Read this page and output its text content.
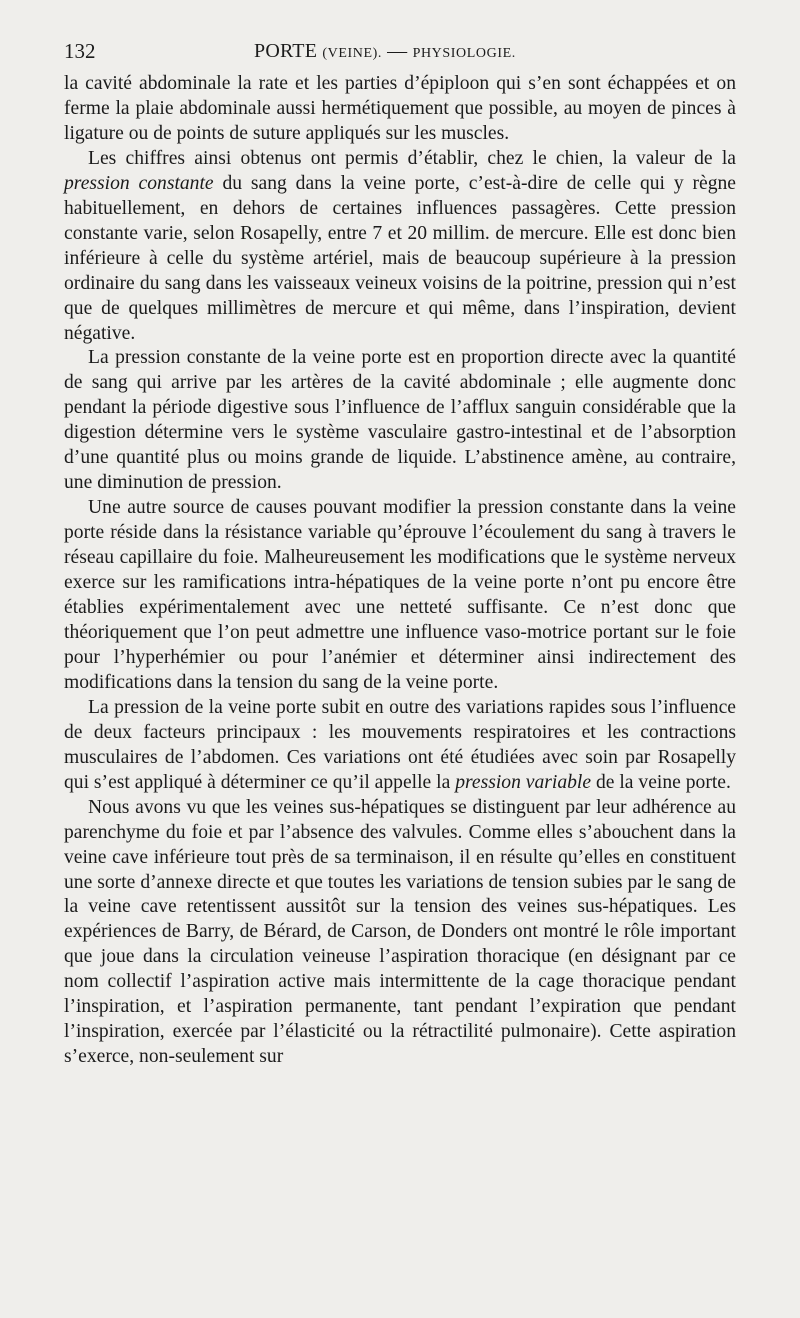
132	PORTE (VEINE). — PHYSIOLOGIE.

la cavité abdominale la rate et les parties d’épiploon qui s’en sont échappées et on ferme la plaie abdominale aussi hermétiquement que possible, au moyen de pinces à ligature ou de points de suture appliqués sur les muscles.

Les chiffres ainsi obtenus ont permis d’établir, chez le chien, la valeur de la pression constante du sang dans la veine porte, c’est-à-dire de celle qui y règne habituellement, en dehors de certaines influences passagères. Cette pression constante varie, selon Rosapelly, entre 7 et 20 millim. de mercure. Elle est donc bien inférieure à celle du système artériel, mais de beaucoup supérieure à la pression ordinaire du sang dans les vaisseaux veineux voisins de la poitrine, pression qui n’est que de quelques millimètres de mercure et qui même, dans l’inspiration, devient négative.

La pression constante de la veine porte est en proportion directe avec la quantité de sang qui arrive par les artères de la cavité abdominale ; elle augmente donc pendant la période digestive sous l’influence de l’afflux sanguin considérable que la digestion détermine vers le système vasculaire gastro-intestinal et de l’absorption d’une quantité plus ou moins grande de liquide. L’abstinence amène, au contraire, une diminution de pression.

Une autre source de causes pouvant modifier la pression constante dans la veine porte réside dans la résistance variable qu’éprouve l’écoulement du sang à travers le réseau capillaire du foie. Malheureusement les modifications que le système nerveux exerce sur les ramifications intra-hépatiques de la veine porte n’ont pu encore être établies expérimentalement avec une netteté suffisante. Ce n’est donc que théoriquement que l’on peut admettre une influence vaso-motrice portant sur le foie pour l’hyperhémier ou pour l’anémier et déterminer ainsi indirectement des modifications dans la tension du sang de la veine porte.

La pression de la veine porte subit en outre des variations rapides sous l’influence de deux facteurs principaux : les mouvements respiratoires et les contractions musculaires de l’abdomen. Ces variations ont été étudiées avec soin par Rosapelly qui s’est appliqué à déterminer ce qu’il appelle la pression variable de la veine porte.

Nous avons vu que les veines sus-hépatiques se distinguent par leur adhérence au parenchyme du foie et par l’absence des valvules. Comme elles s’abouchent dans la veine cave inférieure tout près de sa terminaison, il en résulte qu’elles en constituent une sorte d’annexe directe et que toutes les variations de tension subies par le sang de la veine cave retentissent aussitôt sur la tension des veines sus-hépatiques. Les expériences de Barry, de Bérard, de Carson, de Donders ont montré le rôle important que joue dans la circulation veineuse l’aspiration thoracique (en désignant par ce nom collectif l’aspiration active mais intermittente de la cage thoracique pendant l’inspiration, et l’aspiration permanente, tant pendant l’expiration que pendant l’inspiration, exercée par l’élasticité ou la rétractilité pulmonaire). Cette aspiration s’exerce, non-seulement sur
